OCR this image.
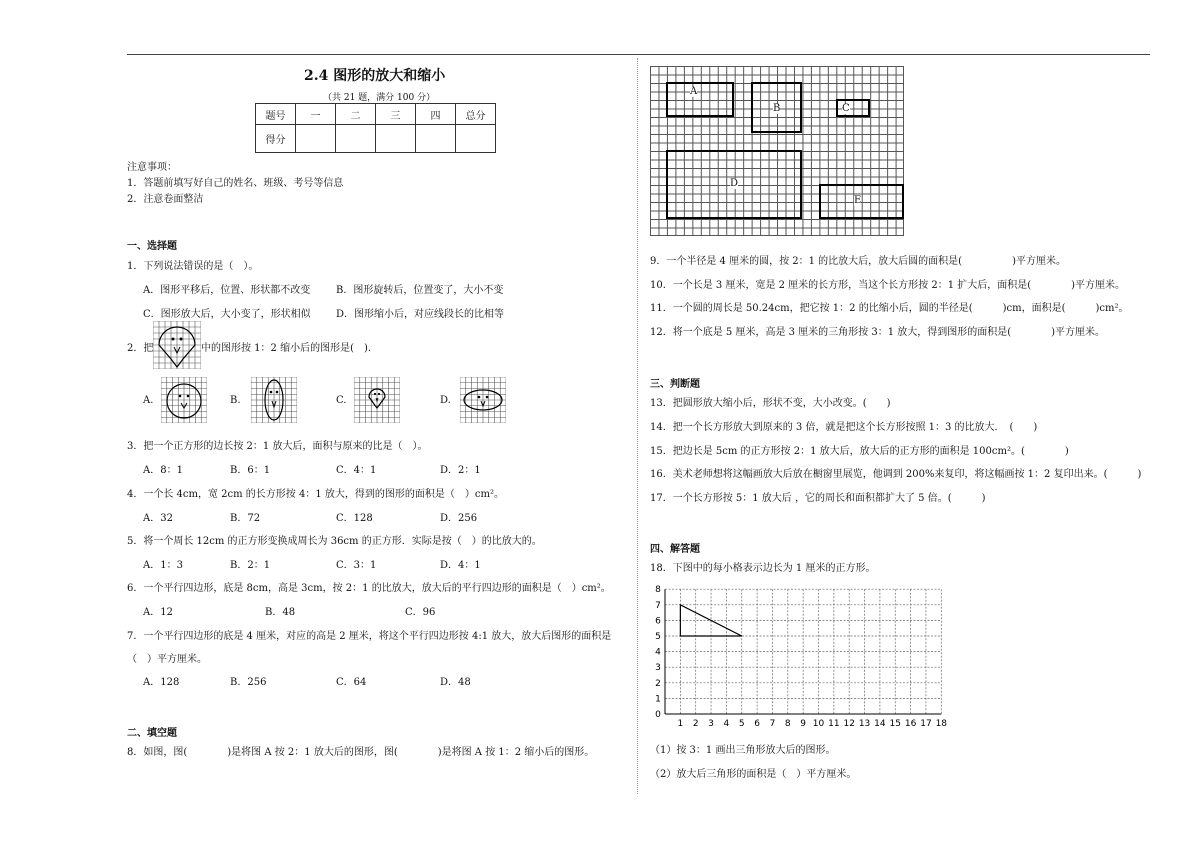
2.4 图形的放大和缩小
（共 21 题，满分 100 分）
题号	一	二	三	四	总分
得分					
注意事项：
1．答题前填写好自己的姓名、班级、考号等信息
2．注意卷面整洁
一、选择题
1．下列说法错误的是（　）。
A．图形平移后，位置、形状都不改变	B．图形旋转后，位置变了，大小不变
C．图形放大后，大小变了，形状相似	D．图形缩小后，对应线段长的比相等
2．把	中的图形按 1：2 缩小后的图形是(　).
A.	B.	C.	D.
3．把一个正方形的边长按 2：1 放大后，面积与原来的比是（　）。
A．8：1	B．6：1	C．4：1	D．2：1
4．一个长 4cm，宽 2cm 的长方形按 4：1 放大，得到的图形的面积是（　）cm²。
A．32	B．72	C．128	D．256
5．将一个周长 12cm 的正方形变换成周长为 36cm 的正方形．实际是按（　）的比放大的。
A．1：3	B．2：1	C．3：1	D．4：1
6．一个平行四边形，底是 8cm，高是 3cm，按 2：1 的比放大，放大后的平行四边形的面积是（　）cm²。
A．12	B．48	C．96
7．一个平行四边形的底是 4 厘米，对应的高是 2 厘米，将这个平行四边形按 4:1 放大，放大后图形的面积是
（　）平方厘米。
A．128	B．256	C．64	D．48
二、填空题
8．如图，图(　　　　)是将图 A 按 2：1 放大后的图形，图(　　　　)是将图 A 按 1：2 缩小后的图形。
A
B	C
D
E
9．一个半径是 4 厘米的圆，按 2：1 的比放大后，放大后圆的面积是(　　　　　)平方厘米。
10．一个长是 3 厘米，宽是 2 厘米的长方形，当这个长方形按 2：1 扩大后，面积是(　　　　)平方厘米。
11．一个圆的周长是 50.24cm，把它按 1：2 的比缩小后，圆的半径是(　　　)cm，面积是(　　　)cm²。
12．将一个底是 5 厘米，高是 3 厘米的三角形按 3：1 放大，得到图形的面积是(　　　　)平方厘米。
三、判断题
13．把圆形放大缩小后，形状不变，大小改变。(　　)
14．把一个长方形放大到原来的 3 倍，就是把这个长方形按照 1：3 的比放大．　(　　)
15．把边长是 5cm 的正方形按 2：1 放大后，放大后的正方形的面积是 100cm²。(　　　　)
16．美术老师想将这幅画放大后放在橱窗里展览，他调到 200%来复印，将这幅画按 1：2 复印出来。(　　　)
17．一个长方形按 5：1 放大后 ，它的周长和面积都扩大了 5 倍。(　　　)
四、解答题
18．下图中的每小格表示边长为 1 厘米的正方形。
1 2 3 4 5 6 7 8 9 10 11 12 13 14 15 16 17 18
0
1
2
3
4
5
6
7
8
（1）按 3：1 画出三角形放大后的图形。
（2）放大后三角形的面积是（　）平方厘米。
